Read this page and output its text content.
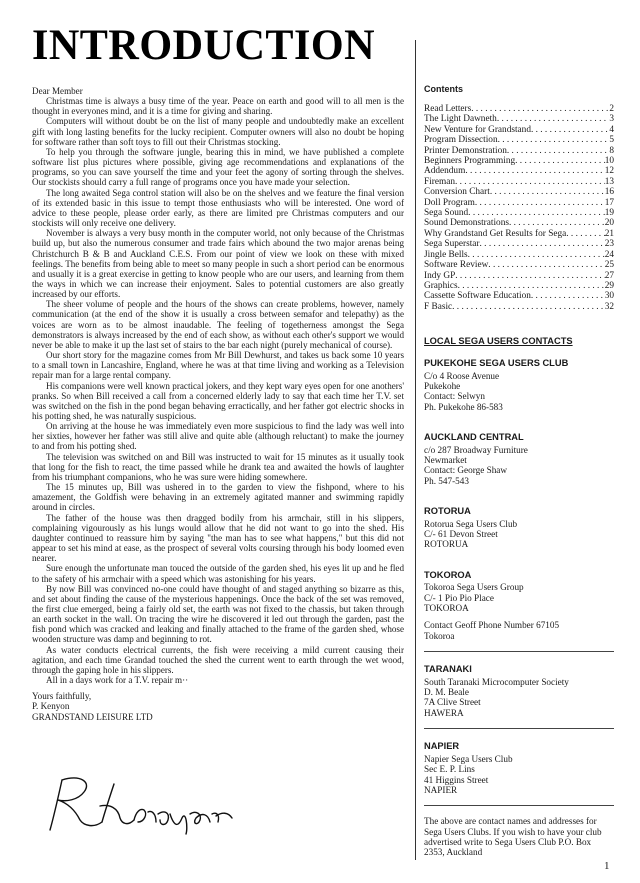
INTRODUCTION

Dear Member

Christmas time is always a busy time of the year. Peace on earth and good will to all men is the thought in everyones mind, and it is a time for giving and sharing.

Computers will without doubt be on the list of many people and undoubtedly make an excellent gift with long lasting benefits for the lucky recipient. Computer owners will also no doubt be hoping for software rather than soft toys to fill out their Christmas stocking.

To help you through the software jungle, bearing this in mind, we have published a complete software list plus pictures where possible, giving age recommendations and explanations of the programs, so you can save yourself the time and your feet the agony of sorting through the shelves. Our stockists should carry a full range of programs once you have made your selection.

The long awaited Sega control station will also be on the shelves and we feature the final version of its extended basic in this issue to tempt those enthusiasts who will be interested. One word of advice to these people, please order early, as there are limited pre Christmas computers and our stockists will only receive one delivery.

November is always a very busy month in the computer world, not only because of the Christmas build up, but also the numerous consumer and trade fairs which abound the two major arenas being Christchurch B & B and Auckland C.E.S. From our point of view we look on these with mixed feelings. The benefits from being able to meet so many people in such a short period can be enormous and usually it is a great exercise in getting to know people who are our users, and learning from them the ways in which we can increase their enjoyment. Sales to potential customers are also greatly increased by our efforts.

The sheer volume of people and the hours of the shows can create problems, however, namely communication (at the end of the show it is usually a cross between semafor and telepathy) as the voices are worn as to be almost inaudable. The feeling of togetherness amongst the Sega demonstrators is always increased by the end of each show, as without each other's support we would never be able to make it up the last set of stairs to the bar each night (purely mechanical of course).

Our short story for the magazine comes from Mr Bill Dewhurst, and takes us back some 10 years to a small town in Lancashire, England, where he was at that time living and working as a Television repair man for a large rental company.

His companions were well known practical jokers, and they kept wary eyes open for one anothers' pranks. So when Bill received a call from a concerned elderly lady to say that each time her T.V. set was switched on the fish in the pond began behaving erractically, and her father got electric shocks in his potting shed, he was naturally suspicious.

On arriving at the house he was immediately even more suspicious to find the lady was well into her sixties, however her father was still alive and quite able (although reluctant) to make the journey to and from his potting shed.

The television was switched on and Bill was instructed to wait for 15 minutes as it usually took that long for the fish to react, the time passed while he drank tea and awaited the howls of laughter from his triumphant companions, who he was sure were hiding somewhere.

The 15 minutes up, Bill was ushered in to the garden to view the fishpond, where to his amazement, the Goldfish were behaving in an extremely agitated manner and swimming rapidly around in circles.

The father of the house was then dragged bodily from his armchair, still in his slippers, complaining vigourously as his lungs would allow that he did not want to go into the shed. His daughter continued to reassure him by saying "the man has to see what happens," but this did not appear to set his mind at ease, as the prospect of several volts coursing through his body loomed even nearer.

Sure enough the unfortunate man touced the outside of the garden shed, his eyes lit up and he fled to the safety of his armchair with a speed which was astonishing for his years.

By now Bill was convinced no-one could have thought of and staged anything so bizarre as this, and set about finding the cause of the mysterious happenings. Once the back of the set was removed, the first clue emerged, being a fairly old set, the earth was not fixed to the chassis, but taken through an earth socket in the wall. On tracing the wire he discovered it led out through the garden, past the fish pond which was cracked and leaking and finally attached to the frame of the garden shed, whose wooden structure was damp and beginning to rot.

As water conducts electrical currents, the fish were receiving a mild current causing their agitation, and each time Grandad touched the shed the current went to earth through the wet wood, through the gaping hole in his slippers.

All in a days work for a T.V. repair m··

Yours faithfully,
P. Kenyon
GRANDSTAND LEISURE LTD
Contents
Read Letters . . .	2
The Light Dawneth . . .	3
New Venture for Grandstand . . .	4
Program Dissection . . .	5
Printer Demonstration . . .	8
Beginners Programming . . .	10
Addendum . . .	12
Fireman . . .	13
Conversion Chart . . .	16
Doll Program . . .	17
Sega Sound . . .	19
Sound Demonstrations . . .	20
Why Grandstand Get Results for Sega . . .	21
Sega Superstar . . .	23
Jingle Bells . . .	24
Software Review . . .	25
Indy GP . . .	27
Graphics . . .	29
Cassette Software Education . . .	30
F Basic . . .	32
LOCAL SEGA USERS CONTACTS
PUKEKOHE SEGA USERS CLUB
C/o 4 Roose Avenue
Pukekohe
Contact: Selwyn
Ph. Pukekohe 86-583
AUCKLAND CENTRAL
c/o 287 Broadway Furniture
Newmarket
Contact: George Shaw
Ph. 547-543
ROTORUA
Rotorua Sega Users Club
C/- 61 Devon Street
ROTORUA
TOKOROA
Tokoroa Sega Users Group
C/- 1 Pio Pio Place
TOKOROA
Contact Geoff Phone Number 67105
Tokoroa
TARANAKI
South Taranaki Microcomputer Society
D. M. Beale
7A Clive Street
HAWERA
NAPIER
Napier Sega Users Club
Sec E. P. Lins
41 Higgins Street
NAPIER
The above are contact names and addresses for Sega Users Clubs. If you wish to have your club advertised write to Sega Users Club P.O. Box 2353, Auckland
1
